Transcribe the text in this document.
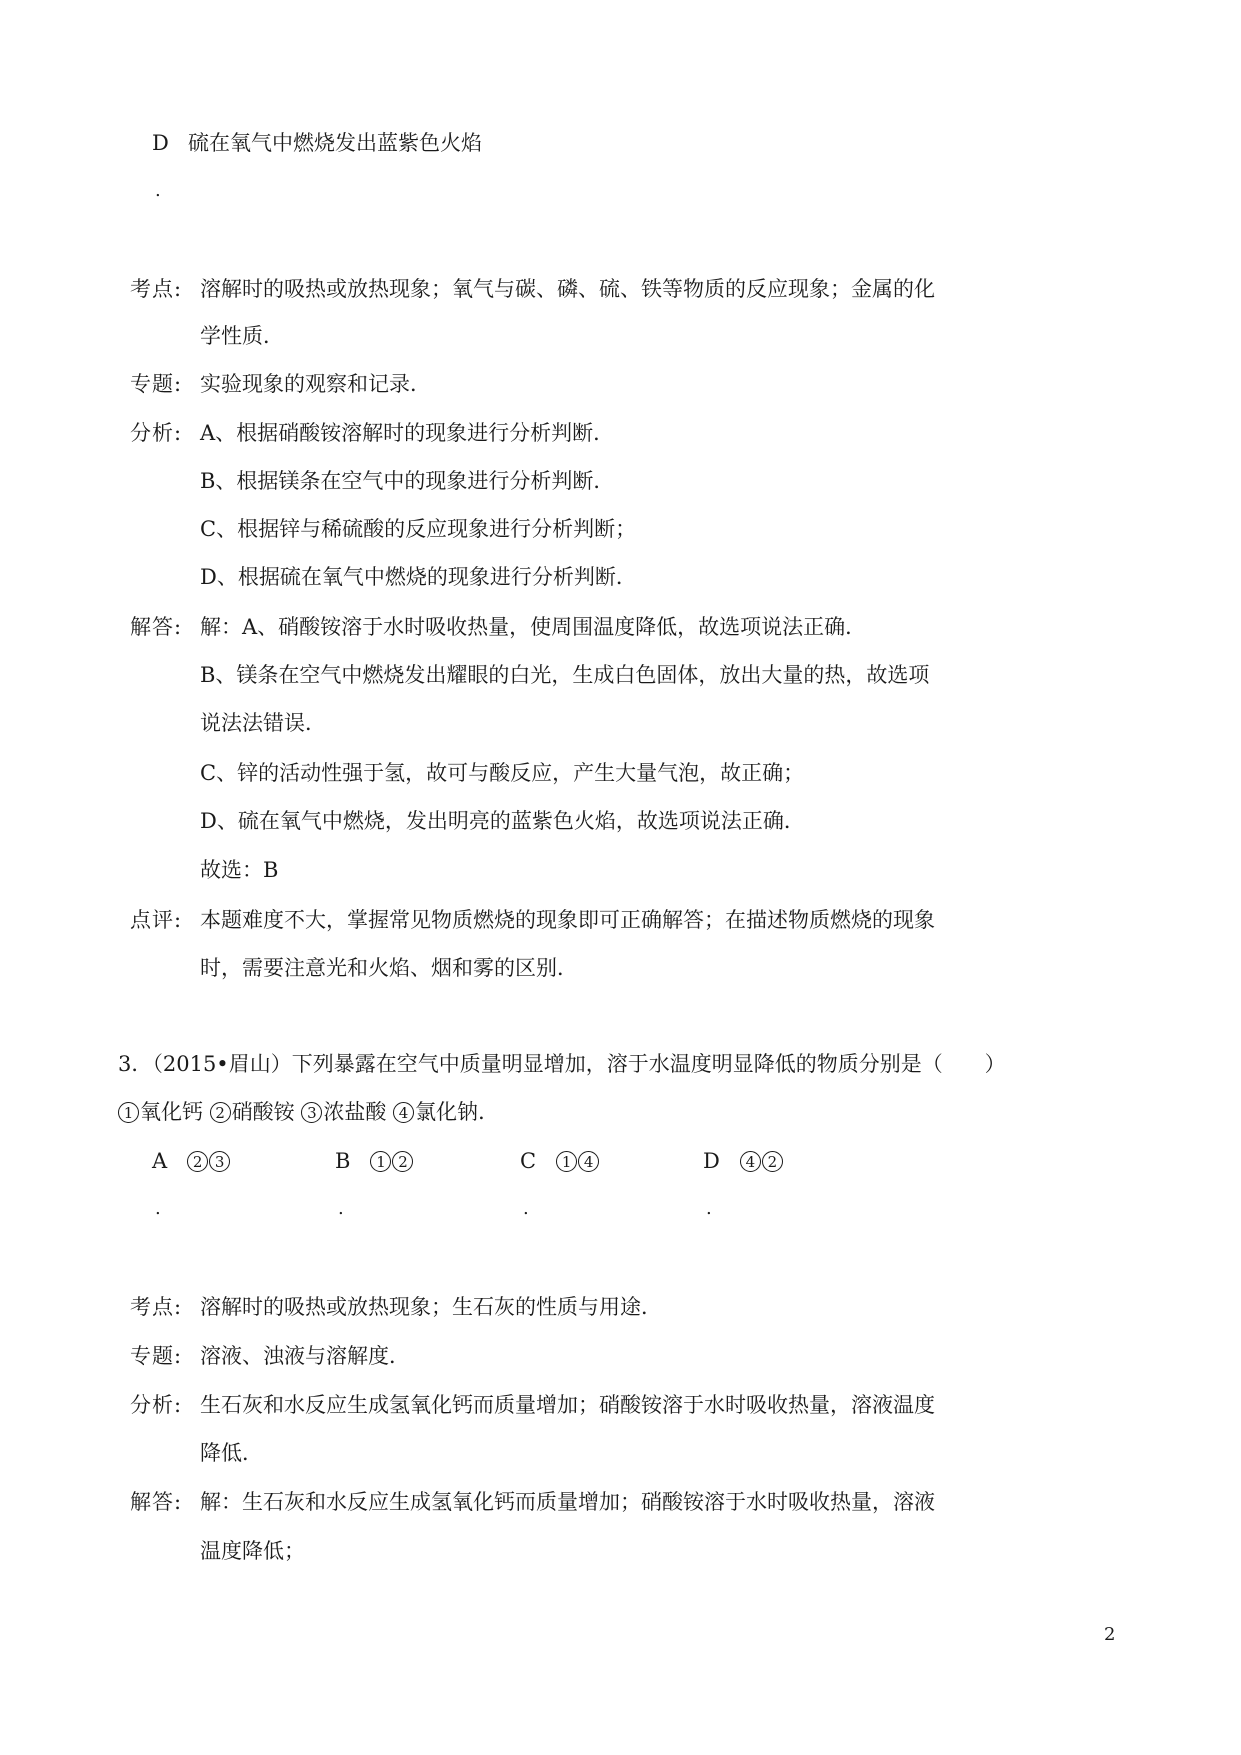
D 硫在氧气中燃烧发出蓝紫色火焰
.
考点: 溶解时的吸热或放热现象；氧气与碳、磷、硫、铁等物质的反应现象；金属的化
学性质．
专题: 实验现象的观察和记录．
分析: A、根据硝酸铵溶解时的现象进行分析判断．
B、根据镁条在空气中的现象进行分析判断．
C、根据锌与稀硫酸的反应现象进行分析判断；
D、根据硫在氧气中燃烧的现象进行分析判断．
解答: 解：A、硝酸铵溶于水时吸收热量，使周围温度降低，故选项说法正确．
B、镁条在空气中燃烧发出耀眼的白光，生成白色固体，放出大量的热，故选项
说法法错误．
C、锌的活动性强于氢，故可与酸反应，产生大量气泡，故正确；
D、硫在氧气中燃烧，发出明亮的蓝紫色火焰，故选项说法正确．
故选：B
点评: 本题难度不大，掌握常见物质燃烧的现象即可正确解答；在描述物质燃烧的现象
时，需要注意光和火焰、烟和雾的区别．
3．（2015•眉山）下列暴露在空气中质量明显增加，溶于水温度明显降低的物质分别是（　　）
1 氧化钙 2 硝酸铵 3 浓盐酸 4 氯化钠．
A 2 3	B 1 2	C 1 4	D 4 2
.	.	.	.
考点: 溶解时的吸热或放热现象；生石灰的性质与用途．
专题: 溶液、浊液与溶解度．
分析: 生石灰和水反应生成氢氧化钙而质量增加；硝酸铵溶于水时吸收热量，溶液温度
降低．
解答: 解：生石灰和水反应生成氢氧化钙而质量增加；硝酸铵溶于水时吸收热量，溶液
温度降低；
2
